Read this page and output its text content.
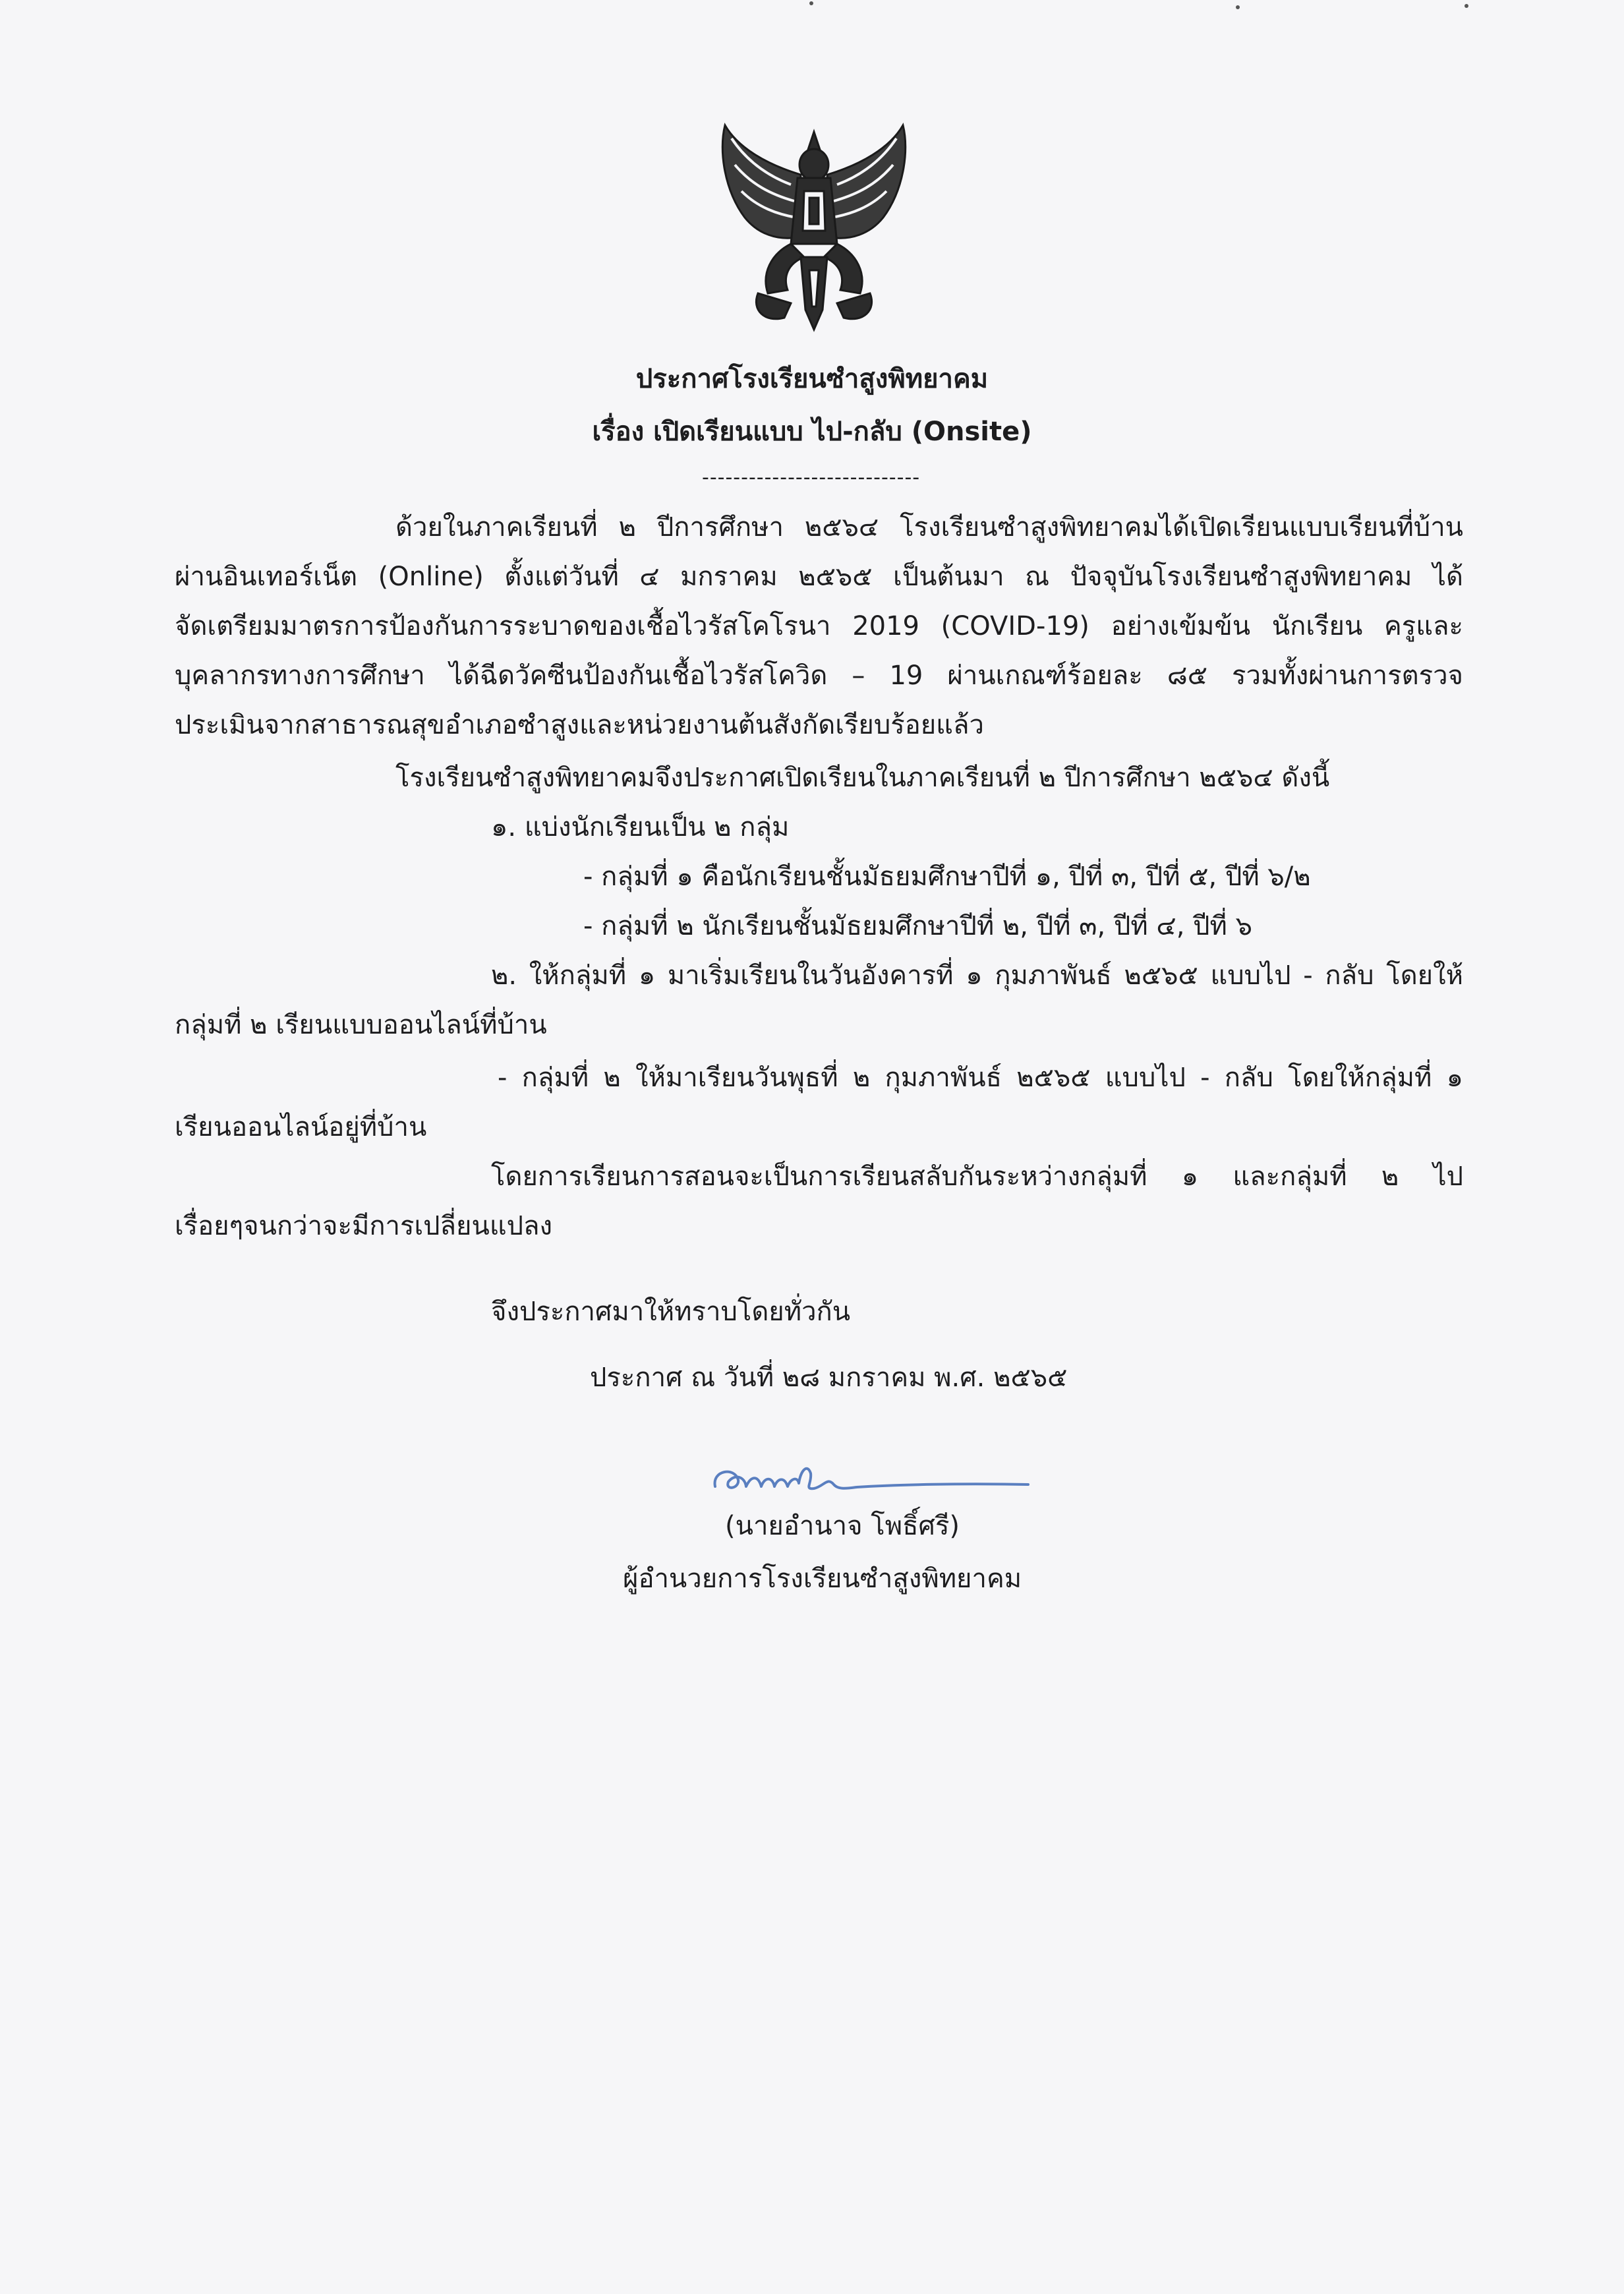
ประกาศโรงเรียนซำสูงพิทยาคม
เรื่อง เปิดเรียนแบบ ไป-กลับ (Onsite)
----------------------------
ด้วยในภาคเรียนที่ ๒ ปีการศึกษา ๒๕๖๔ โรงเรียนซำสูงพิทยาคมได้เปิดเรียนแบบเรียนที่บ้าน
ผ่านอินเทอร์เน็ต (Online) ตั้งแต่วันที่ ๔ มกราคม ๒๕๖๕ เป็นต้นมา ณ ปัจจุบันโรงเรียนซำสูงพิทยาคม ได้
จัดเตรียมมาตรการป้องกันการระบาดของเชื้อไวรัสโคโรนา 2019 (COVID-19) อย่างเข้มข้น นักเรียน ครูและ
บุคลากรทางการศึกษา ได้ฉีดวัคซีนป้องกันเชื้อไวรัสโควิด – 19 ผ่านเกณฑ์ร้อยละ ๘๕ รวมทั้งผ่านการตรวจ
ประเมินจากสาธารณสุขอำเภอซำสูงและหน่วยงานต้นสังกัดเรียบร้อยแล้ว
โรงเรียนซำสูงพิทยาคมจึงประกาศเปิดเรียนในภาคเรียนที่ ๒ ปีการศึกษา ๒๕๖๔ ดังนี้
๑. แบ่งนักเรียนเป็น ๒ กลุ่ม
- กลุ่มที่ ๑ คือนักเรียนชั้นมัธยมศึกษาปีที่ ๑, ปีที่ ๓, ปีที่ ๕, ปีที่ ๖/๒
- กลุ่มที่ ๒ นักเรียนชั้นมัธยมศึกษาปีที่ ๒, ปีที่ ๓, ปีที่ ๔, ปีที่ ๖
๒. ให้กลุ่มที่ ๑ มาเริ่มเรียนในวันอังคารที่ ๑ กุมภาพันธ์ ๒๕๖๕ แบบไป - กลับ โดยให้
กลุ่มที่ ๒ เรียนแบบออนไลน์ที่บ้าน
- กลุ่มที่ ๒ ให้มาเรียนวันพุธที่ ๒ กุมภาพันธ์ ๒๕๖๕ แบบไป - กลับ โดยให้กลุ่มที่ ๑
เรียนออนไลน์อยู่ที่บ้าน
โดยการเรียนการสอนจะเป็นการเรียนสลับกันระหว่างกลุ่มที่ ๑ และกลุ่มที่ ๒ ไป
เรื่อยๆจนกว่าจะมีการเปลี่ยนแปลง
จึงประกาศมาให้ทราบโดยทั่วกัน
ประกาศ ณ วันที่ ๒๘ มกราคม พ.ศ. ๒๕๖๕
(นายอำนาจ โพธิ์ศรี)
ผู้อำนวยการโรงเรียนซำสูงพิทยาคม
